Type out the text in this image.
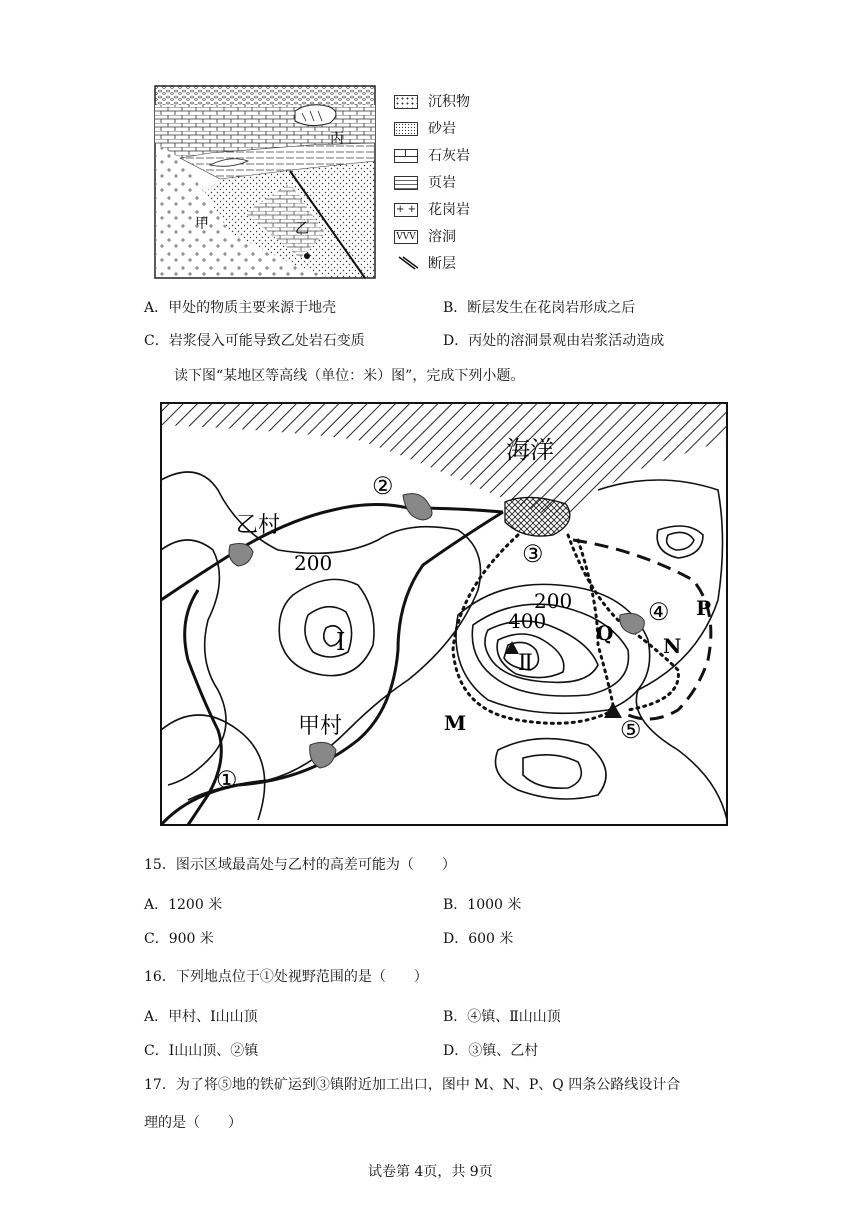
甲	乙
丙
沉积物
砂岩
石灰岩
页岩
+ + 花岗岩
VVV 溶洞
断层
A．甲处的物质主要来源于地壳	B．断层发生在花岗岩形成之后
C．岩浆侵入可能导致乙处岩石变质	D．丙处的溶洞景观由岩浆活动造成
读下图“某地区等高线（单位：米）图”，完成下列小题。
海洋
乙村
甲村
200
200
400
Ⅰ
Ⅱ
①
②
③
④
⑤
M
N
P
Q
15．图示区域最高处与乙村的高差可能为（　　）
A．1200 米	B．1000 米
C．900 米	D．600 米
16．下列地点位于①处视野范围的是（　　）
A．甲村、Ⅰ山山顶	B．④镇、Ⅱ山山顶
C．Ⅰ山山顶、②镇	D．③镇、乙村
17．为了将⑤地的铁矿运到③镇附近加工出口，图中 M、N、P、Q 四条公路线设计合
理的是（　　）
试卷第 4页，共 9页
